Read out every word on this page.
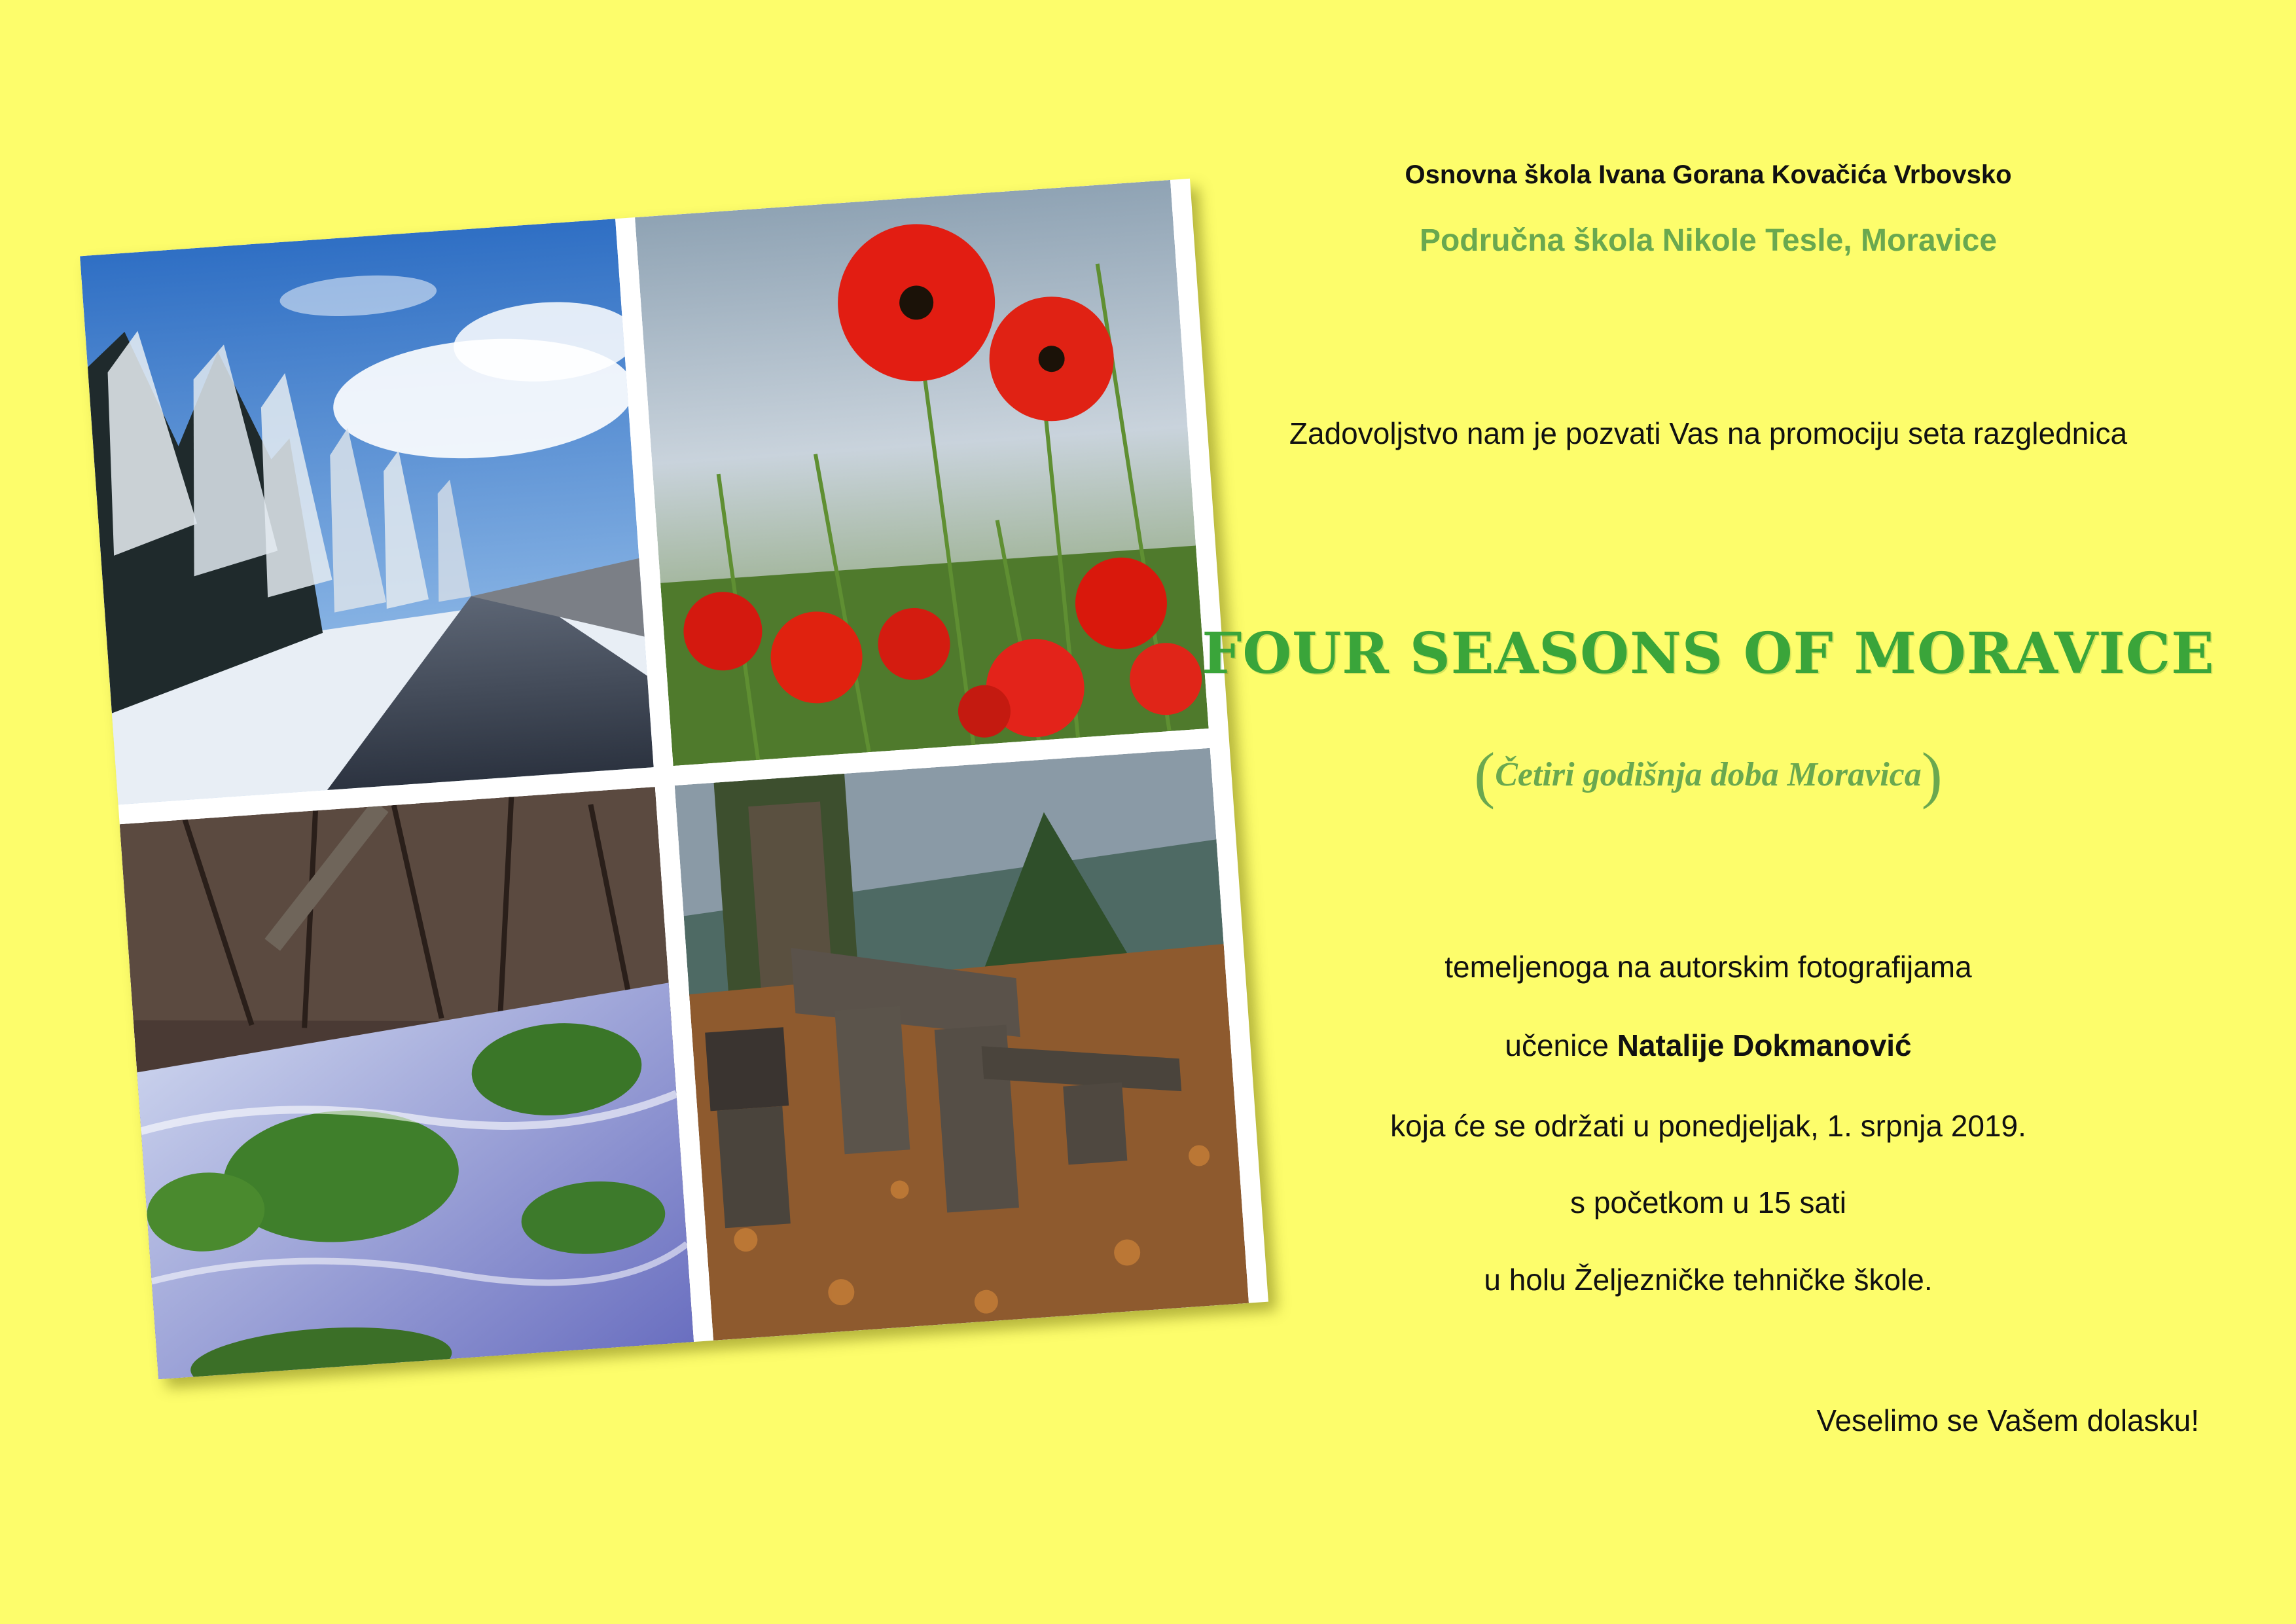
Osnovna škola Ivana Gorana Kovačića Vrbovsko

Područna škola Nikole Tesle, Moravice

Zadovoljstvo nam je pozvati Vas na promociju seta razglednica

FOUR SEASONS OF MORAVICE

(Četiri godišnja doba Moravica)

temeljenoga na autorskim fotografijama

učenice Natalije Dokmanović

koja će se održati u ponedjeljak, 1. srpnja 2019.

s početkom u 15 sati

u holu Željezničke tehničke škole.

Veselimo se Vašem dolasku!
